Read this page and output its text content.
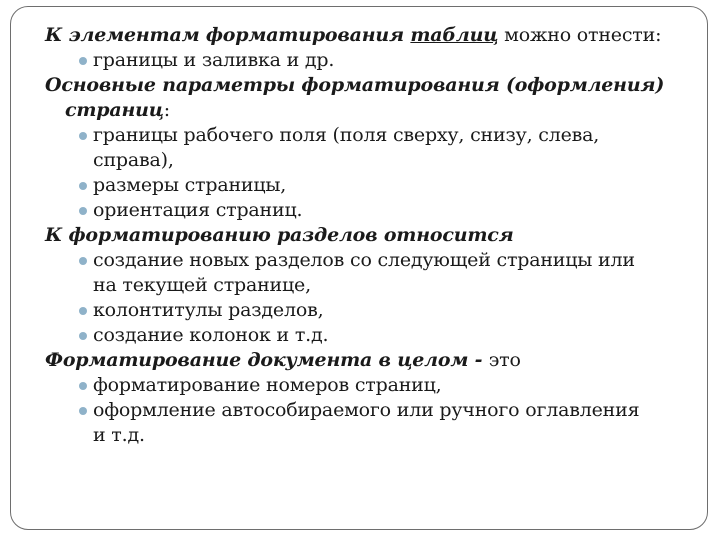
К элементам форматирования таблиц можно отнести:

границы и заливка и др.

Основные параметры форматирования (оформления)
страниц:

границы рабочего поля (поля сверху, снизу, слева,
справа),

размеры страницы,

ориентация страниц.

К форматированию разделов относится

создание новых разделов со следующей страницы или
на текущей странице,

колонтитулы разделов,

создание колонок и т.д.

Форматирование документа в целом - это

форматирование номеров страниц,

оформление автособираемого или ручного оглавления
и т.д.
